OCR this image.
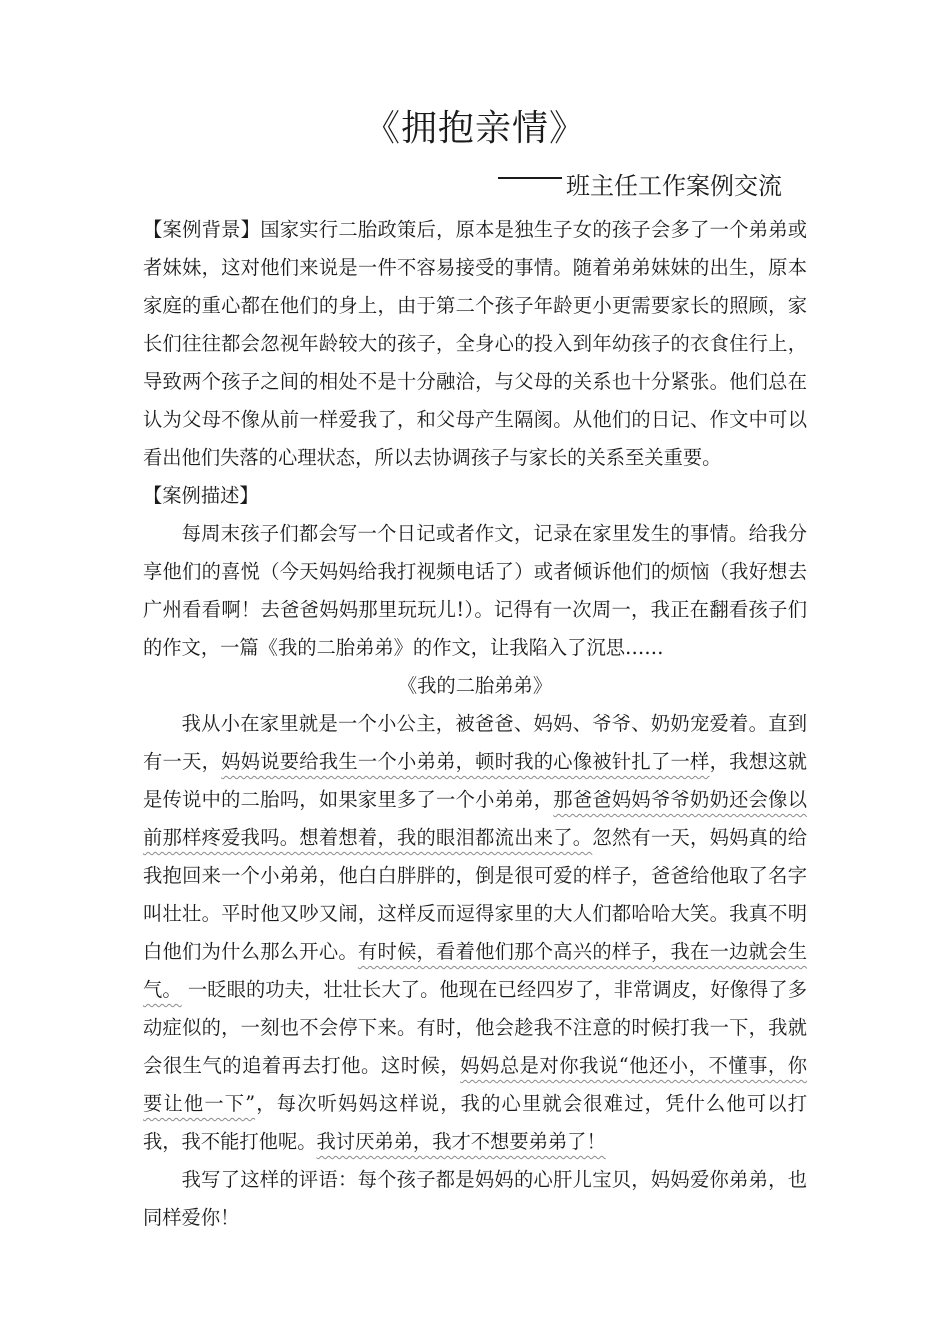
《拥抱亲情》
班主任工作案例交流

【案例背景】国家实行二胎政策后，原本是独生子女的孩子会多了一个弟弟或者妹妹，这对他们来说是一件不容易接受的事情。随着弟弟妹妹的出生，原本家庭的重心都在他们的身上，由于第二个孩子年龄更小更需要家长的照顾，家长们往往都会忽视年龄较大的孩子，全身心的投入到年幼孩子的衣食住行上，导致两个孩子之间的相处不是十分融洽，与父母的关系也十分紧张。他们总在认为父母不像从前一样爱我了，和父母产生隔阂。从他们的日记、作文中可以看出他们失落的心理状态，所以去协调孩子与家长的关系至关重要。

【案例描述】

每周末孩子们都会写一个日记或者作文，记录在家里发生的事情。给我分享他们的喜悦（今天妈妈给我打视频电话了）或者倾诉他们的烦恼（我好想去广州看看啊！去爸爸妈妈那里玩玩儿!）。记得有一次周一，我正在翻看孩子们的作文，一篇《我的二胎弟弟》的作文，让我陷入了沉思……

《我的二胎弟弟》

我从小在家里就是一个小公主，被爸爸、妈妈、爷爷、奶奶宠爱着。直到有一天，妈妈说要给我生一个小弟弟，顿时我的心像被针扎了一样，我想这就是传说中的二胎吗，如果家里多了一个小弟弟，那爸爸妈妈爷爷奶奶还会像以前那样疼爱我吗。想着想着，我的眼泪都流出来了。忽然有一天，妈妈真的给我抱回来一个小弟弟，他白白胖胖的，倒是很可爱的样子，爸爸给他取了名字叫壮壮。平时他又吵又闹，这样反而逗得家里的大人们都哈哈大笑。我真不明白他们为什么那么开心。有时候，看着他们那个高兴的样子，我在一边就会生气。 一眨眼的功夫，壮壮长大了。他现在已经四岁了，非常调皮，好像得了多动症似的，一刻也不会停下来。有时，他会趁我不注意的时候打我一下，我就会很生气的追着再去打他。这时候，妈妈总是对你我说“他还小，不懂事，你要让他一下”，每次听妈妈这样说，我的心里就会很难过，凭什么他可以打我，我不能打他呢。我讨厌弟弟，我才不想要弟弟了！

我写了这样的评语：每个孩子都是妈妈的心肝儿宝贝，妈妈爱你弟弟，也同样爱你！
